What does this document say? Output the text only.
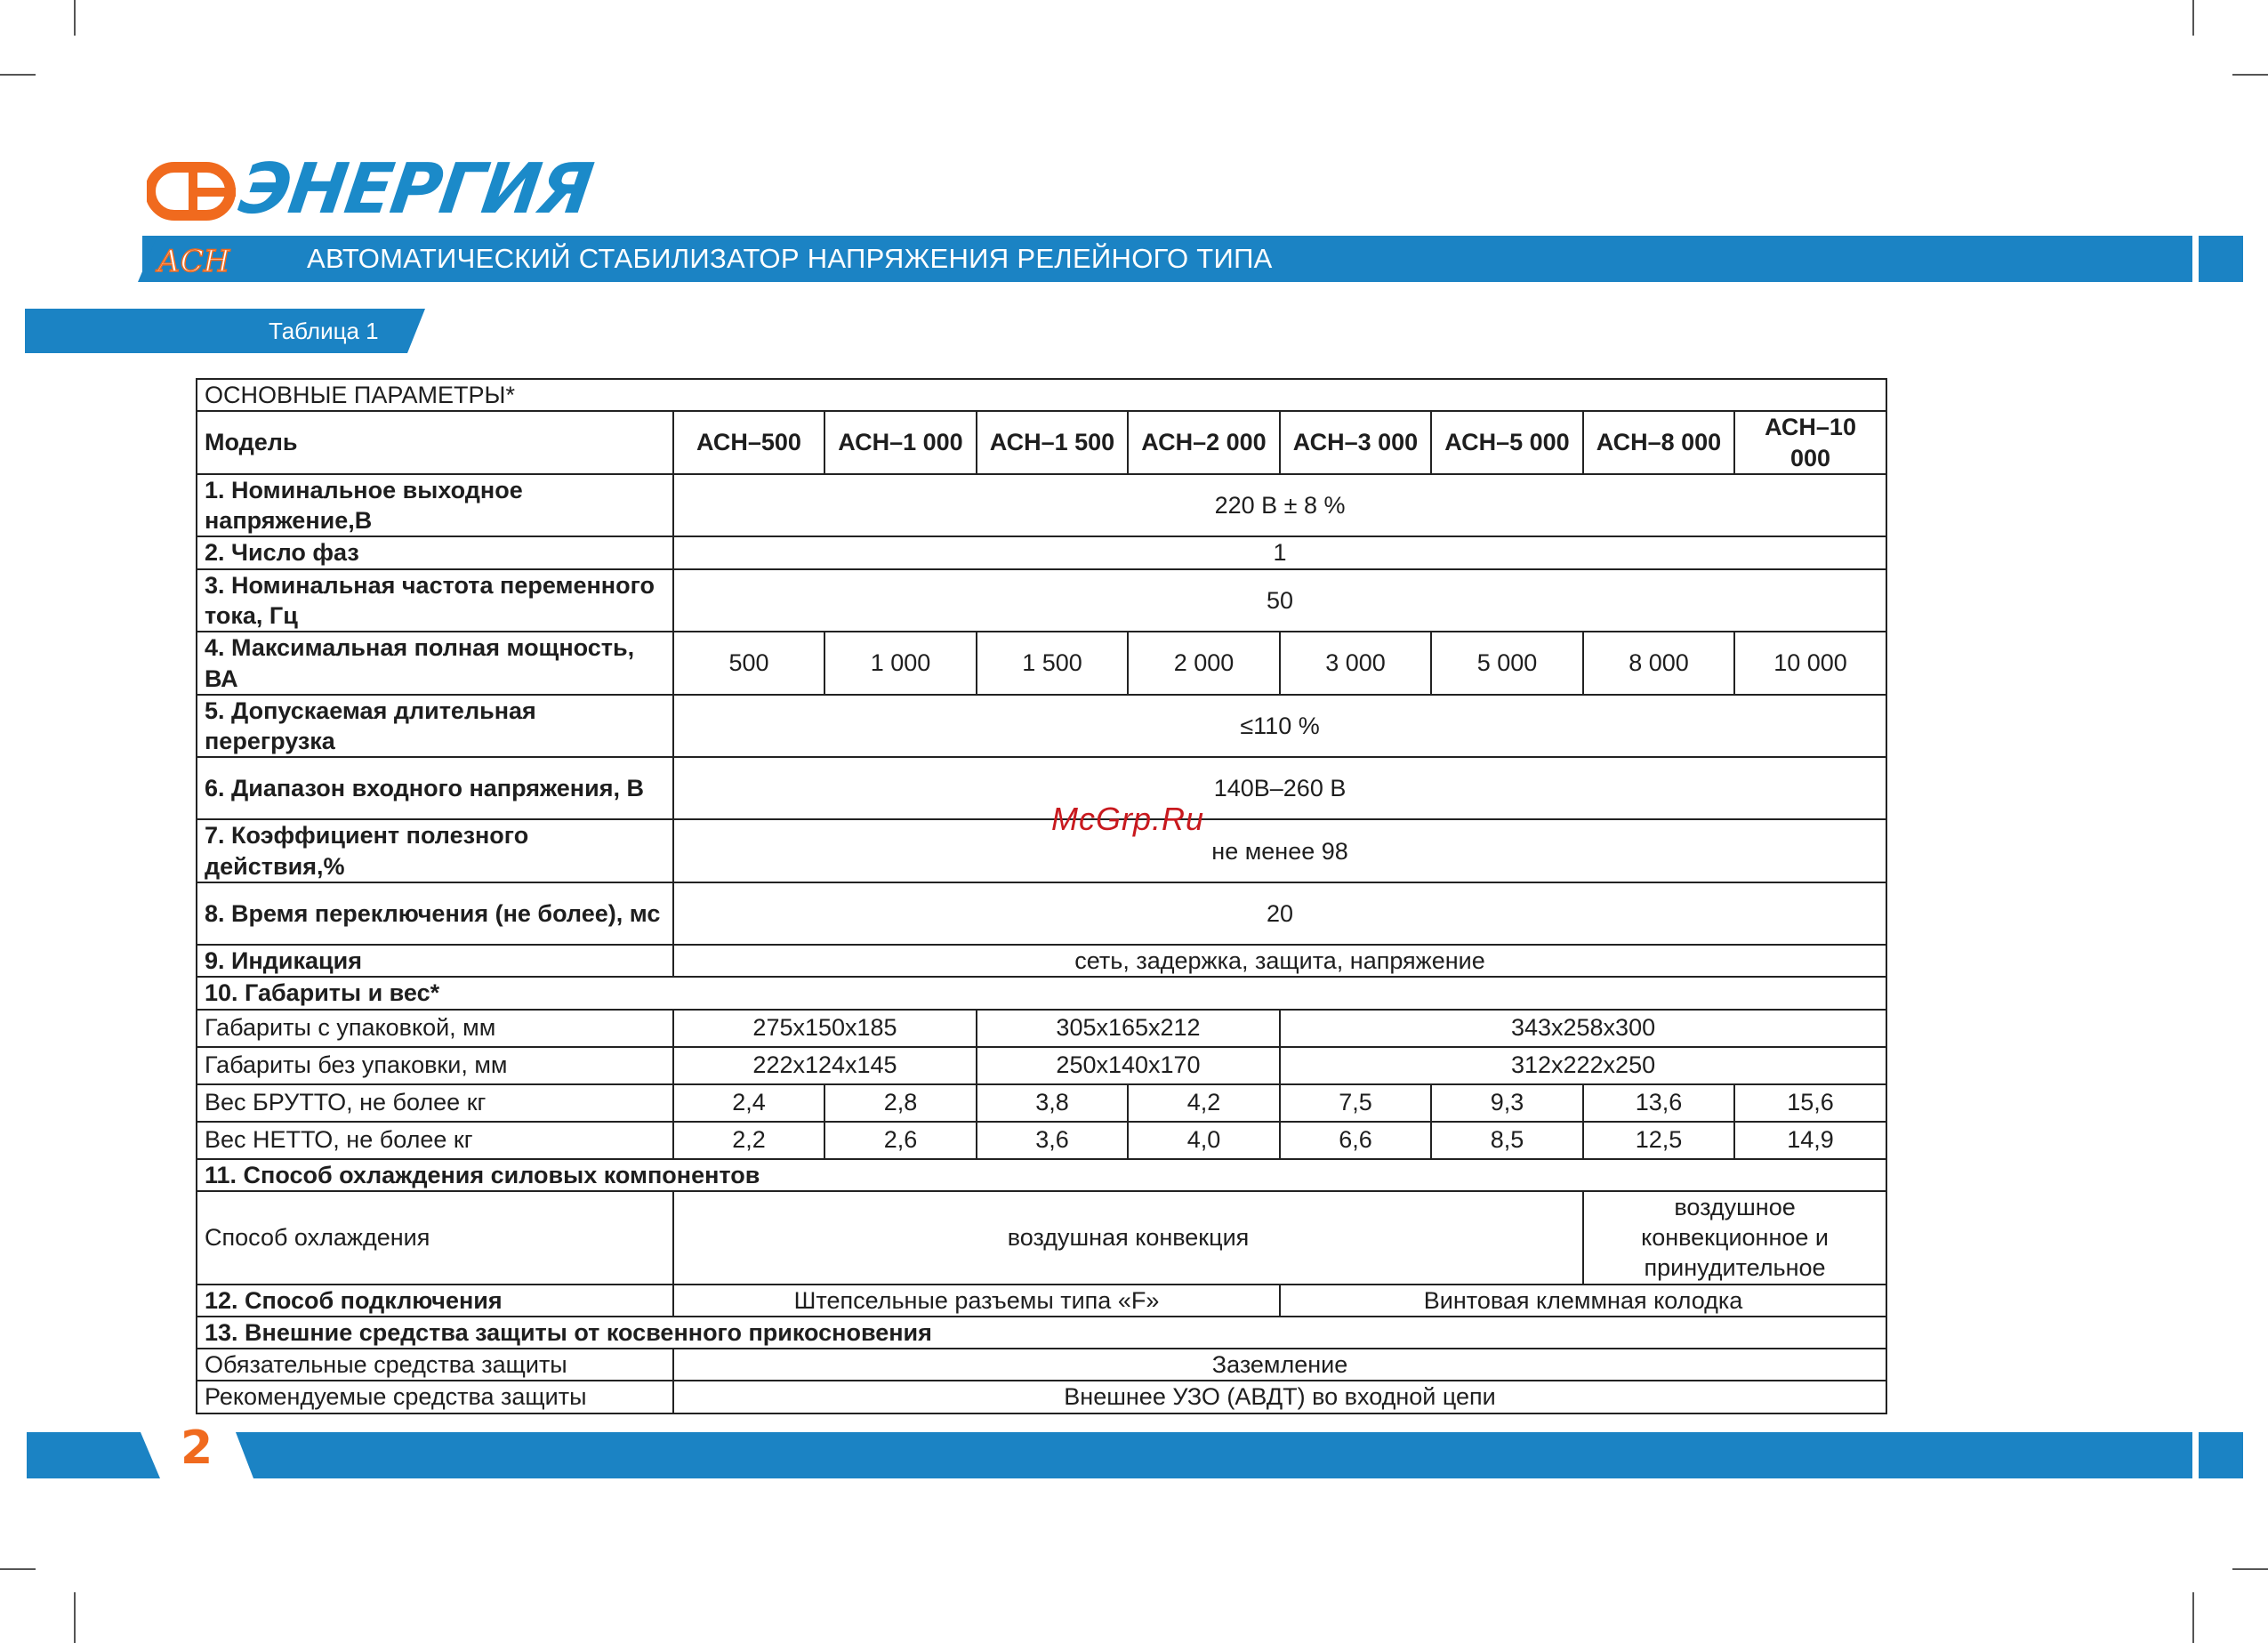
ЭНЕРГИЯ
АСН	АВТОМАТИЧЕСКИЙ СТАБИЛИЗАТОР НАПРЯЖЕНИЯ РЕЛЕЙНОГО ТИПА
Таблица 1
ОСНОВНЫЕ ПАРАМЕТРЫ*								
Модель	АСН–500	АСН–1 000	АСН–1 500	АСН–2 000	АСН–3 000	АСН–5 000	АСН–8 000	АСН–10 000
1. Номинальное выходное напряжение,В	220 В ± 8 %							
2. Число фаз	1							
3. Номинальная частота переменного тока, Гц	50							
4. Максимальная полная мощность, ВА	500	1 000	1 500	2 000	3 000	5 000	8 000	10 000
5. Допускаемая длительная перегрузка	≤110 %							
6. Диапазон входного напряжения, В	140В–260 В							
7. Коэффициент полезного действия,%	не менее 98							
8. Время переключения (не более), мс	20							
9. Индикация	сеть, задержка, защита, напряжение							
10. Габариты и вес*								
Габариты с упаковкой, мм	275x150x185		305x165x212		343x258x300			
Габариты без упаковки, мм	222x124x145		250x140x170		312x222x250			
Вес БРУТТО, не более кг	2,4	2,8	3,8	4,2	7,5	9,3	13,6	15,6
Вес НЕТТО, не более кг	2,2	2,6	3,6	4,0	6,6	8,5	12,5	14,9
11. Способ охлаждения силовых компонентов								
Способ охлаждения	воздушная конвекция						воздушное конвекционное и принудительное	
12. Способ подключения	Штепсельные разъемы типа «F»				Винтовая клеммная колодка			
13. Внешние средства защиты от косвенного прикосновения								
Обязательные средства защиты	Заземление							
Рекомендуемые средства защиты	Внешнее УЗО (АВДТ) во входной цепи							
McGrp.Ru
2
